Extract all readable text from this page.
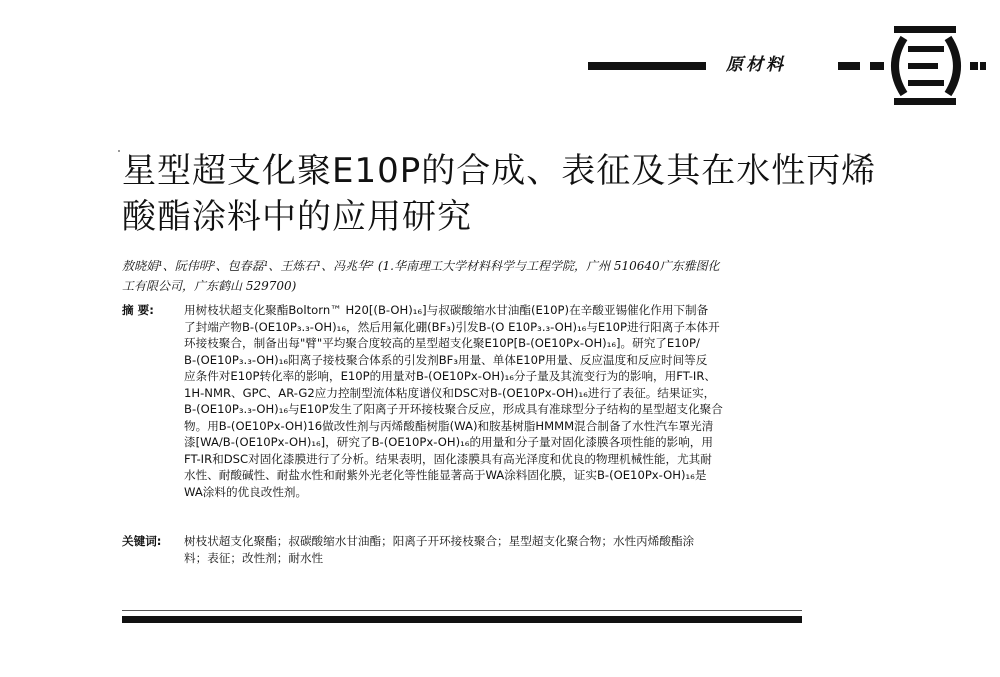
原材料
星型超支化聚E10P的合成、表征及其在水性丙烯
酸酯涂料中的应用研究

敖晓娟¹、阮伟明²、包春磊¹、王炼石¹、冯兆华² (1.华南理工大学材料科学与工程学院，广州 510640广东雅图化
工有限公司，广东鹤山 529700)

摘 要:	用树枝状超支化聚酯Boltorn™ H20[(B-OH)₁₆]与叔碳酸缩水甘油酯(E10P)在辛酸亚锡催化作用下制备
了封端产物B-(OE10P₃.₃-OH)₁₆，然后用氟化硼(BF₃)引发B-(O E10P₃.₃-OH)₁₆与E10P进行阳离子本体开
环接枝聚合，制备出每"臂"平均聚合度较高的星型超支化聚E10P[B-(OE10Px-OH)₁₆]。研究了E10P/
B-(OE10P₃.₃-OH)₁₆阳离子接枝聚合体系的引发剂BF₃用量、单体E10P用量、反应温度和反应时间等反
应条件对E10P转化率的影响，E10P的用量对B-(OE10Px-OH)₁₆分子量及其流变行为的影响，用FT-IR、
1H-NMR、GPC、AR-G2应力控制型流体粘度谱仪和DSC对B-(OE10Px-OH)₁₆进行了表征。结果证实，
B-(OE10P₃.₃-OH)₁₆与E10P发生了阳离子开环接枝聚合反应，形成具有准球型分子结构的星型超支化聚合
物。用B-(OE10Px-OH)16做改性剂与丙烯酸酯树脂(WA)和胺基树脂HMMM混合制备了水性汽车罩光清
漆[WA/B-(OE10Px-OH)₁₆]，研究了B-(OE10Px-OH)₁₆的用量和分子量对固化漆膜各项性能的影响，用
FT-IR和DSC对固化漆膜进行了分析。结果表明，固化漆膜具有高光泽度和优良的物理机械性能，尤其耐
水性、耐酸碱性、耐盐水性和耐紫外光老化等性能显著高于WA涂料固化膜，证实B-(OE10Px-OH)₁₆是
WA涂料的优良改性剂。
关键词: 树枝状超支化聚酯；叔碳酸缩水甘油酯；阳离子开环接枝聚合；星型超支化聚合物；水性丙烯酸酯涂
料；表征；改性剂；耐水性
